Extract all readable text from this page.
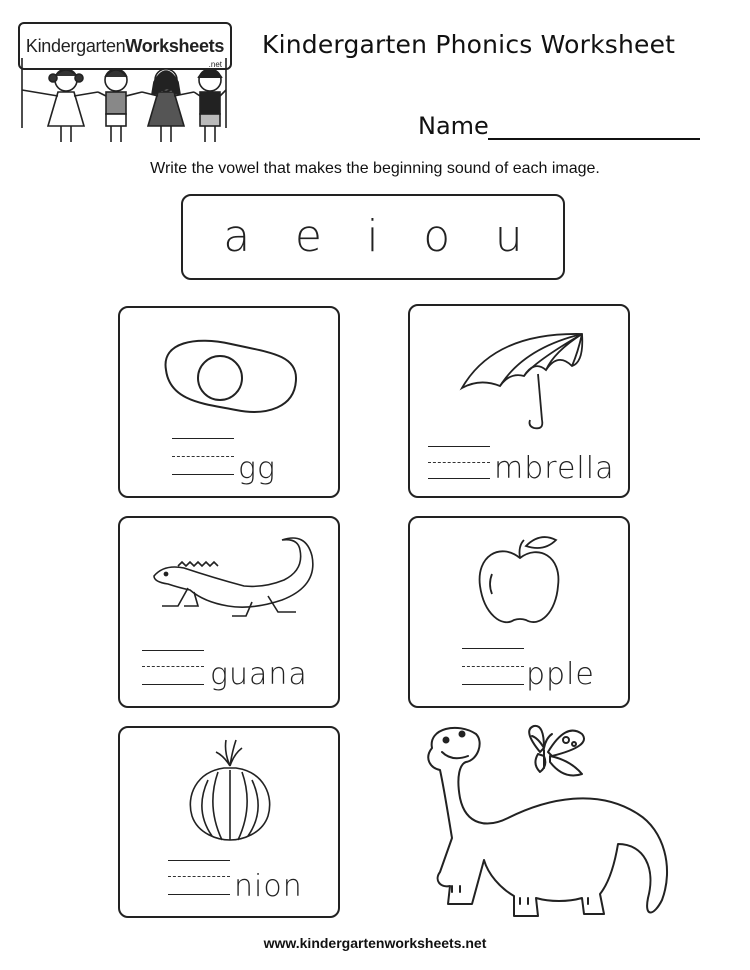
KindergartenWorksheets
.net
Kindergarten Phonics Worksheet
Name
Write the vowel that makes the beginning sound of each image.
a e i o u
gg	mbrella
guana	pple
nion
www.kindergartenworksheets.net
